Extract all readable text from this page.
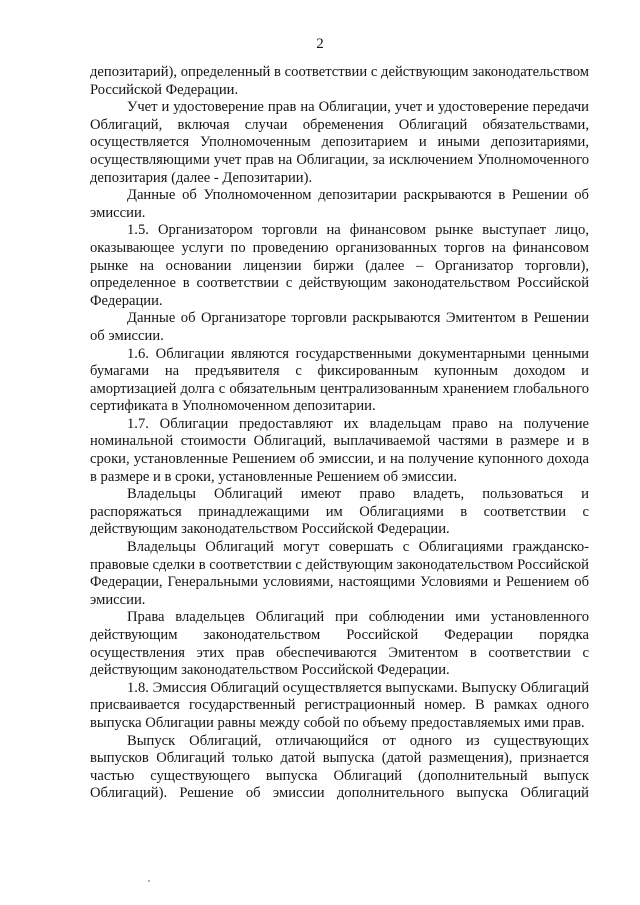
2

депозитарий), определенный в соответствии с действующим законодательством Российской Федерации.

Учет и удостоверение прав на Облигации, учет и удостоверение передачи Облигаций, включая случаи обременения Облигаций обязательствами, осуществляется Уполномоченным депозитарием и иными депозитариями, осуществляющими учет прав на Облигации, за исключением Уполномоченного депозитария (далее - Депозитарии).

Данные об Уполномоченном депозитарии раскрываются в Решении об эмиссии.

1.5. Организатором торговли на финансовом рынке выступает лицо, оказывающее услуги по проведению организованных торгов на финансовом рынке на основании лицензии биржи (далее – Организатор торговли), определенное в соответствии с действующим законодательством Российской Федерации.

Данные об Организаторе торговли раскрываются Эмитентом в Решении об эмиссии.

1.6. Облигации являются государственными документарными ценными бумагами на предъявителя с фиксированным купонным доходом и амортизацией долга с обязательным централизованным хранением глобального сертификата в Уполномоченном депозитарии.

1.7. Облигации предоставляют их владельцам право на получение номинальной стоимости Облигаций, выплачиваемой частями в размере и в сроки, установленные Решением об эмиссии, и на получение купонного дохода в размере и в сроки, установленные Решением об эмиссии.

Владельцы Облигаций имеют право владеть, пользоваться и распоряжаться принадлежащими им Облигациями в соответствии с действующим законодательством Российской Федерации.

Владельцы Облигаций могут совершать с Облигациями гражданско-правовые сделки в соответствии с действующим законодательством Российской Федерации, Генеральными условиями, настоящими Условиями и Решением об эмиссии.

Права владельцев Облигаций при соблюдении ими установленного действующим законодательством Российской Федерации порядка осуществления этих прав обеспечиваются Эмитентом в соответствии с действующим законодательством Российской Федерации.

1.8. Эмиссия Облигаций осуществляется выпусками. Выпуску Облигаций присваивается государственный регистрационный номер. В рамках одного выпуска Облигации равны между собой по объему предоставляемых ими прав.

Выпуск Облигаций, отличающийся от одного из существующих выпусков Облигаций только датой выпуска (датой размещения), признается частью существующего выпуска Облигаций (дополнительный выпуск Облигаций). Решение об эмиссии дополнительного выпуска Облигаций
